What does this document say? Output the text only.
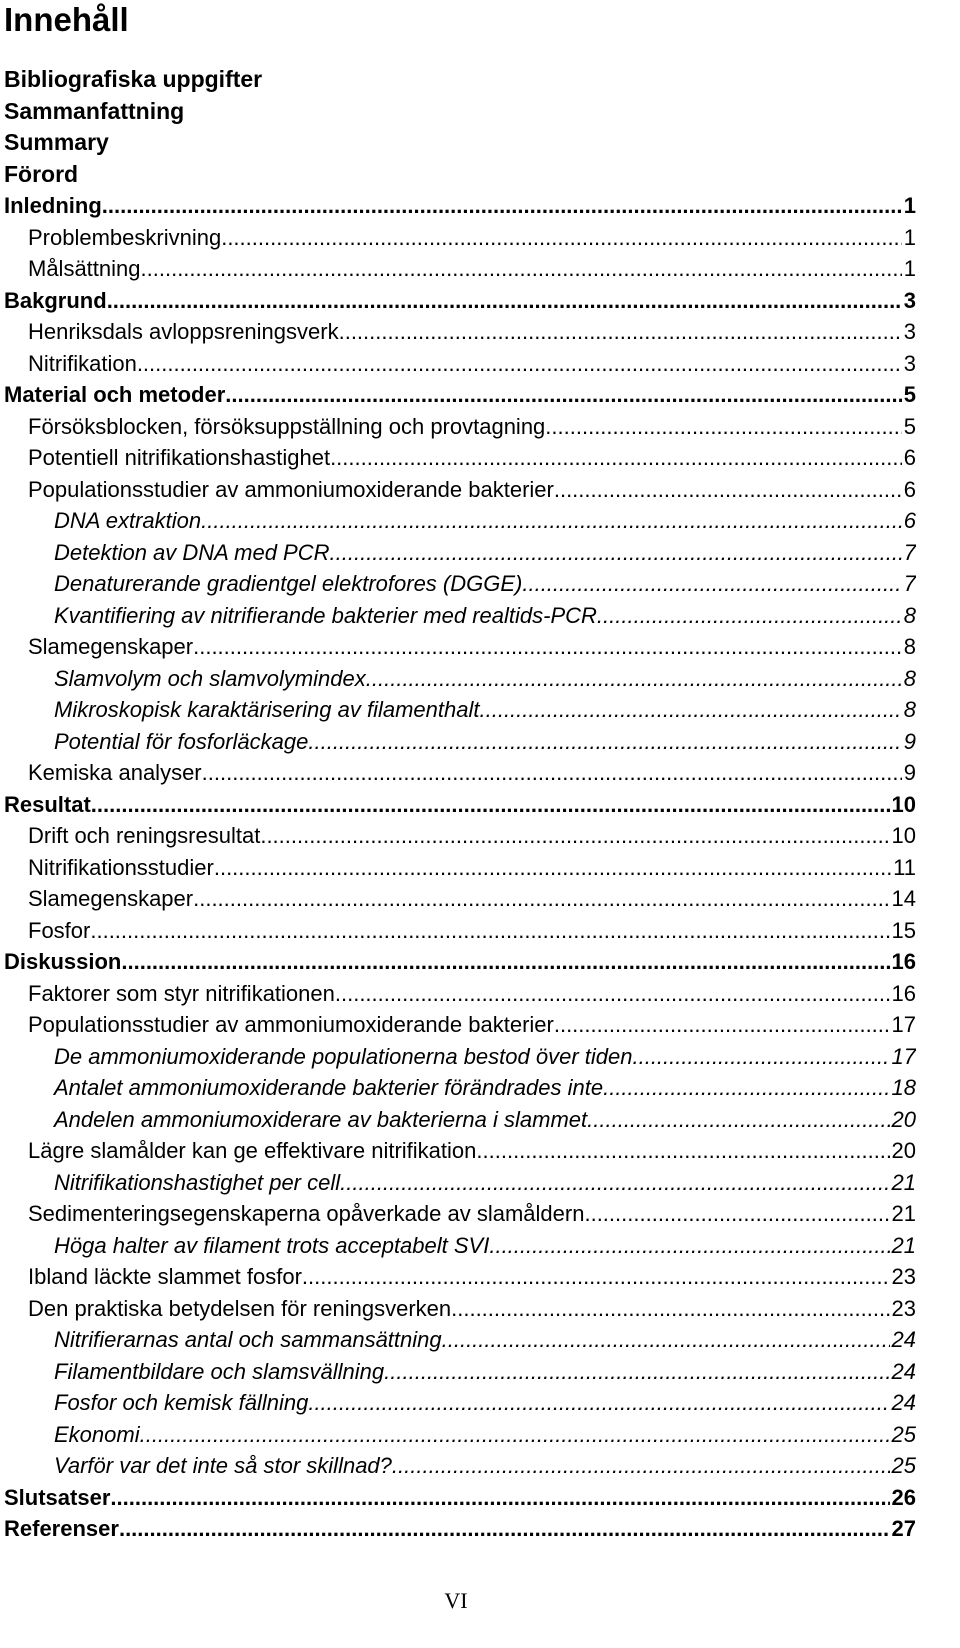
Innehåll
Bibliografiska uppgifter
Sammanfattning
Summary
Förord
Inledning .....	1
Problembeskrivning .....	1
Målsättning .....	1
Bakgrund .....	3
Henriksdals avloppsreningsverk .....	3
Nitrifikation .....	3
Material och metoder .....	5
Försöksblocken, försöksuppställning och provtagning .....	5
Potentiell nitrifikationshastighet .....	6
Populationsstudier av ammoniumoxiderande bakterier .....	6
DNA extraktion .....	6
Detektion av DNA med PCR .....	7
Denaturerande gradientgel elektrofores (DGGE) .....	7
Kvantifiering av nitrifierande bakterier med realtids-PCR .....	8
Slamegenskaper .....	8
Slamvolym och slamvolymindex .....	8
Mikroskopisk karaktärisering av filamenthalt .....	8
Potential för fosforläckage .....	9
Kemiska analyser .....	9
Resultat .....	10
Drift och reningsresultat .....	10
Nitrifikationsstudier .....	11
Slamegenskaper .....	14
Fosfor .....	15
Diskussion .....	16
Faktorer som styr nitrifikationen .....	16
Populationsstudier av ammoniumoxiderande bakterier .....	17
De ammoniumoxiderande populationerna bestod över tiden .....	17
Antalet ammoniumoxiderande bakterier förändrades inte .....	18
Andelen ammoniumoxiderare av bakterierna i slammet .....	20
Lägre slamålder kan ge effektivare nitrifikation .....	20
Nitrifikationshastighet per cell .....	21
Sedimenteringsegenskaperna opåverkade av slamåldern .....	21
Höga halter av filament trots acceptabelt SVI .....	21
Ibland läckte slammet fosfor .....	23
Den praktiska betydelsen för reningsverken .....	23
Nitrifierarnas antal och sammansättning .....	24
Filamentbildare och slamsvällning .....	24
Fosfor och kemisk fällning .....	24
Ekonomi .....	25
Varför var det inte så stor skillnad? .....	25
Slutsatser .....	26
Referenser .....	27
VI
